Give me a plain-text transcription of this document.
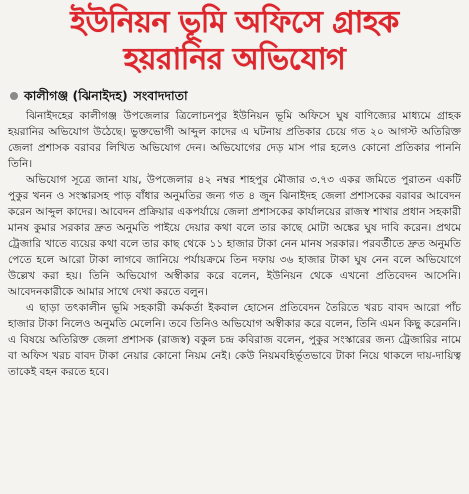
ইউনিয়ন ভূমি অফিসে গ্রাহক
হয়রানির অভিযোগ
কালীগঞ্জ (ঝিনাইদহ) সংবাদদাতা

ঝিনাইদহের কালীগঞ্জ উপজেলার ত্রিলোচনপুর ইউনিয়ন ভূমি অফিসে ঘুষ বাণিজ্যের মাধ্যমে গ্রাহক হয়রানির অভিযোগ উঠেছে। ভুক্তভোগী আব্দুল কাদের এ ঘটনায় প্রতিকার চেয়ে গত ২০ আগস্ট অতিরিক্ত জেলা প্রশাসক বরাবর লিখিত অভিযোগ দেন। অভিযোগের দেড় মাস পার হলেও কোনো প্রতিকার পাননি তিনি।

অভিযোগ সূত্রে জানা যায়, উপজেলার ৪২ নম্বর শাহপুর মৌজার ৩.৭৩ একর জমিতে পুরাতন একটি পুকুর খনন ও সংস্কারসহ পাড় বাঁধার অনুমতির জন্য গত ৪ জুন ঝিনাইদহ জেলা প্রশাসকের বরাবর আবেদন করেন আব্দুল কাদের। আবেদন প্রক্রিয়ার একপর্যায়ে জেলা প্রশাসকের কার্যালয়ের রাজস্ব শাখার প্রধান সহকারী মানষ কুমার সরকার দ্রুত অনুমতি পাইয়ে দেয়ার কথা বলে তার কাছে মোটা অঙ্কের ঘুষ দাবি করেন। প্রথমে ট্রেজারি খাতে ব্যয়ের কথা বলে তার কাছ থেকে ১১ হাজার টাকা নেন মানষ সরকার। পরবর্তীতে দ্রুত অনুমতি পেতে হলে আরো টাকা লাগবে জানিয়ে পর্যায়ক্রমে তিন দফায় ৩৬ হাজার টাকা ঘুষ নেন বলে অভিযোগে উল্লেখ করা হয়। তিনি অভিযোগ অস্বীকার করে বলেন, ইউনিয়ন থেকে এখনো প্রতিবেদন আসেনি। আবেদনকারীকে আমার সাথে দেখা করতে বলুন।

এ ছাড়া তৎকালীন ভূমি সহকারী কর্মকর্তা ইকবাল হোসেন প্রতিবেদন তৈরিতে খরচ বাবদ আরো পাঁচ হাজার টাকা নিলেও অনুমতি মেলেনি। তবে তিনিও অভিযোগ অস্বীকার করে বলেন, তিনি এমন কিছু করেননি। এ বিষয়ে অতিরিক্ত জেলা প্রশাসক (রাজস্ব) বকুল চন্দ্র কবিরাজ বলেন, পুকুর সংস্কারের জন্য ট্রেজারির নামে বা অফিস খরচ বাবদ টাকা নেয়ার কোনো নিয়ম নেই। কেউ নিয়মবহির্ভূতভাবে টাকা নিয়ে থাকলে দায়-দায়িত্ব তাকেই বহন করতে হবে।
